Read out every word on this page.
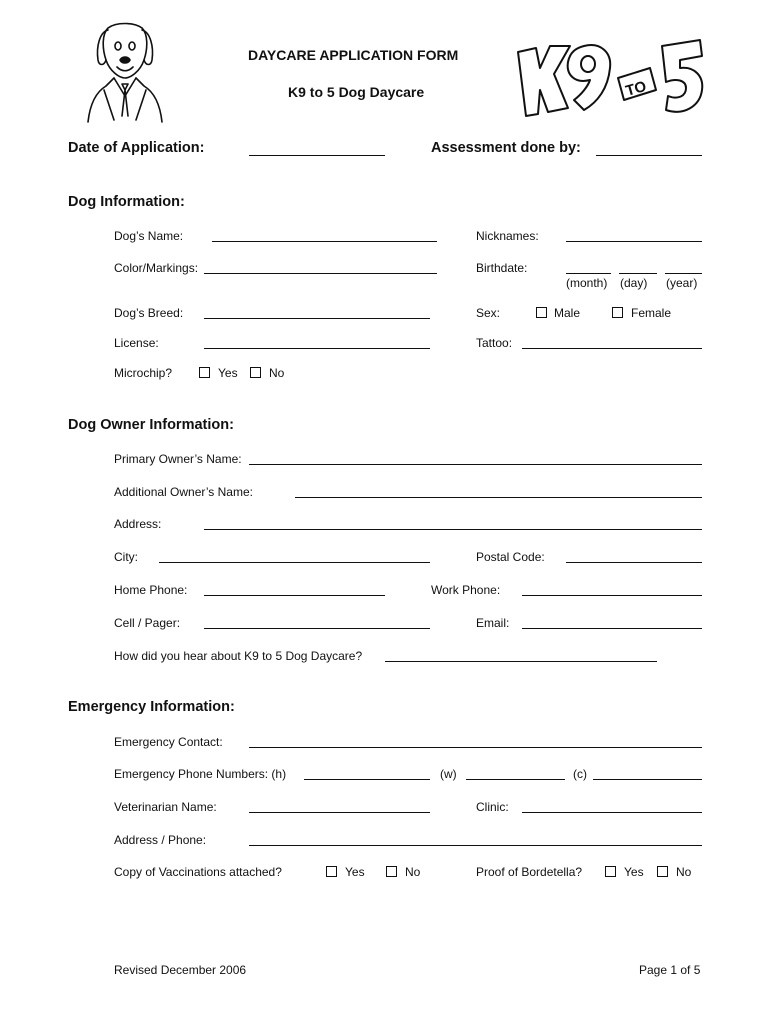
TO
DAYCARE APPLICATION FORM
K9 to 5 Dog Daycare
Date of Application:	Assessment done by:
Dog Information:
Dog’s Name:	Nicknames:
Color/Markings:	Birthdate:
(month) (day) (year)
Dog’s Breed:	Sex:	Male	Female
License:	Tattoo:
Microchip?	Yes	No
Dog Owner Information:
Primary Owner’s Name:
Additional Owner’s Name:
Address:
City:	Postal Code:
Home Phone:	Work Phone:
Cell / Pager:	Email:
How did you hear about K9 to 5 Dog Daycare?
Emergency Information:
Emergency Contact:
Emergency Phone Numbers: (h)	(w)	(c)
Veterinarian Name:	Clinic:
Address / Phone:
Copy of Vaccinations attached?	Yes	No	Proof of Bordetella?	Yes	No
Revised December 2006	Page 1 of 5
